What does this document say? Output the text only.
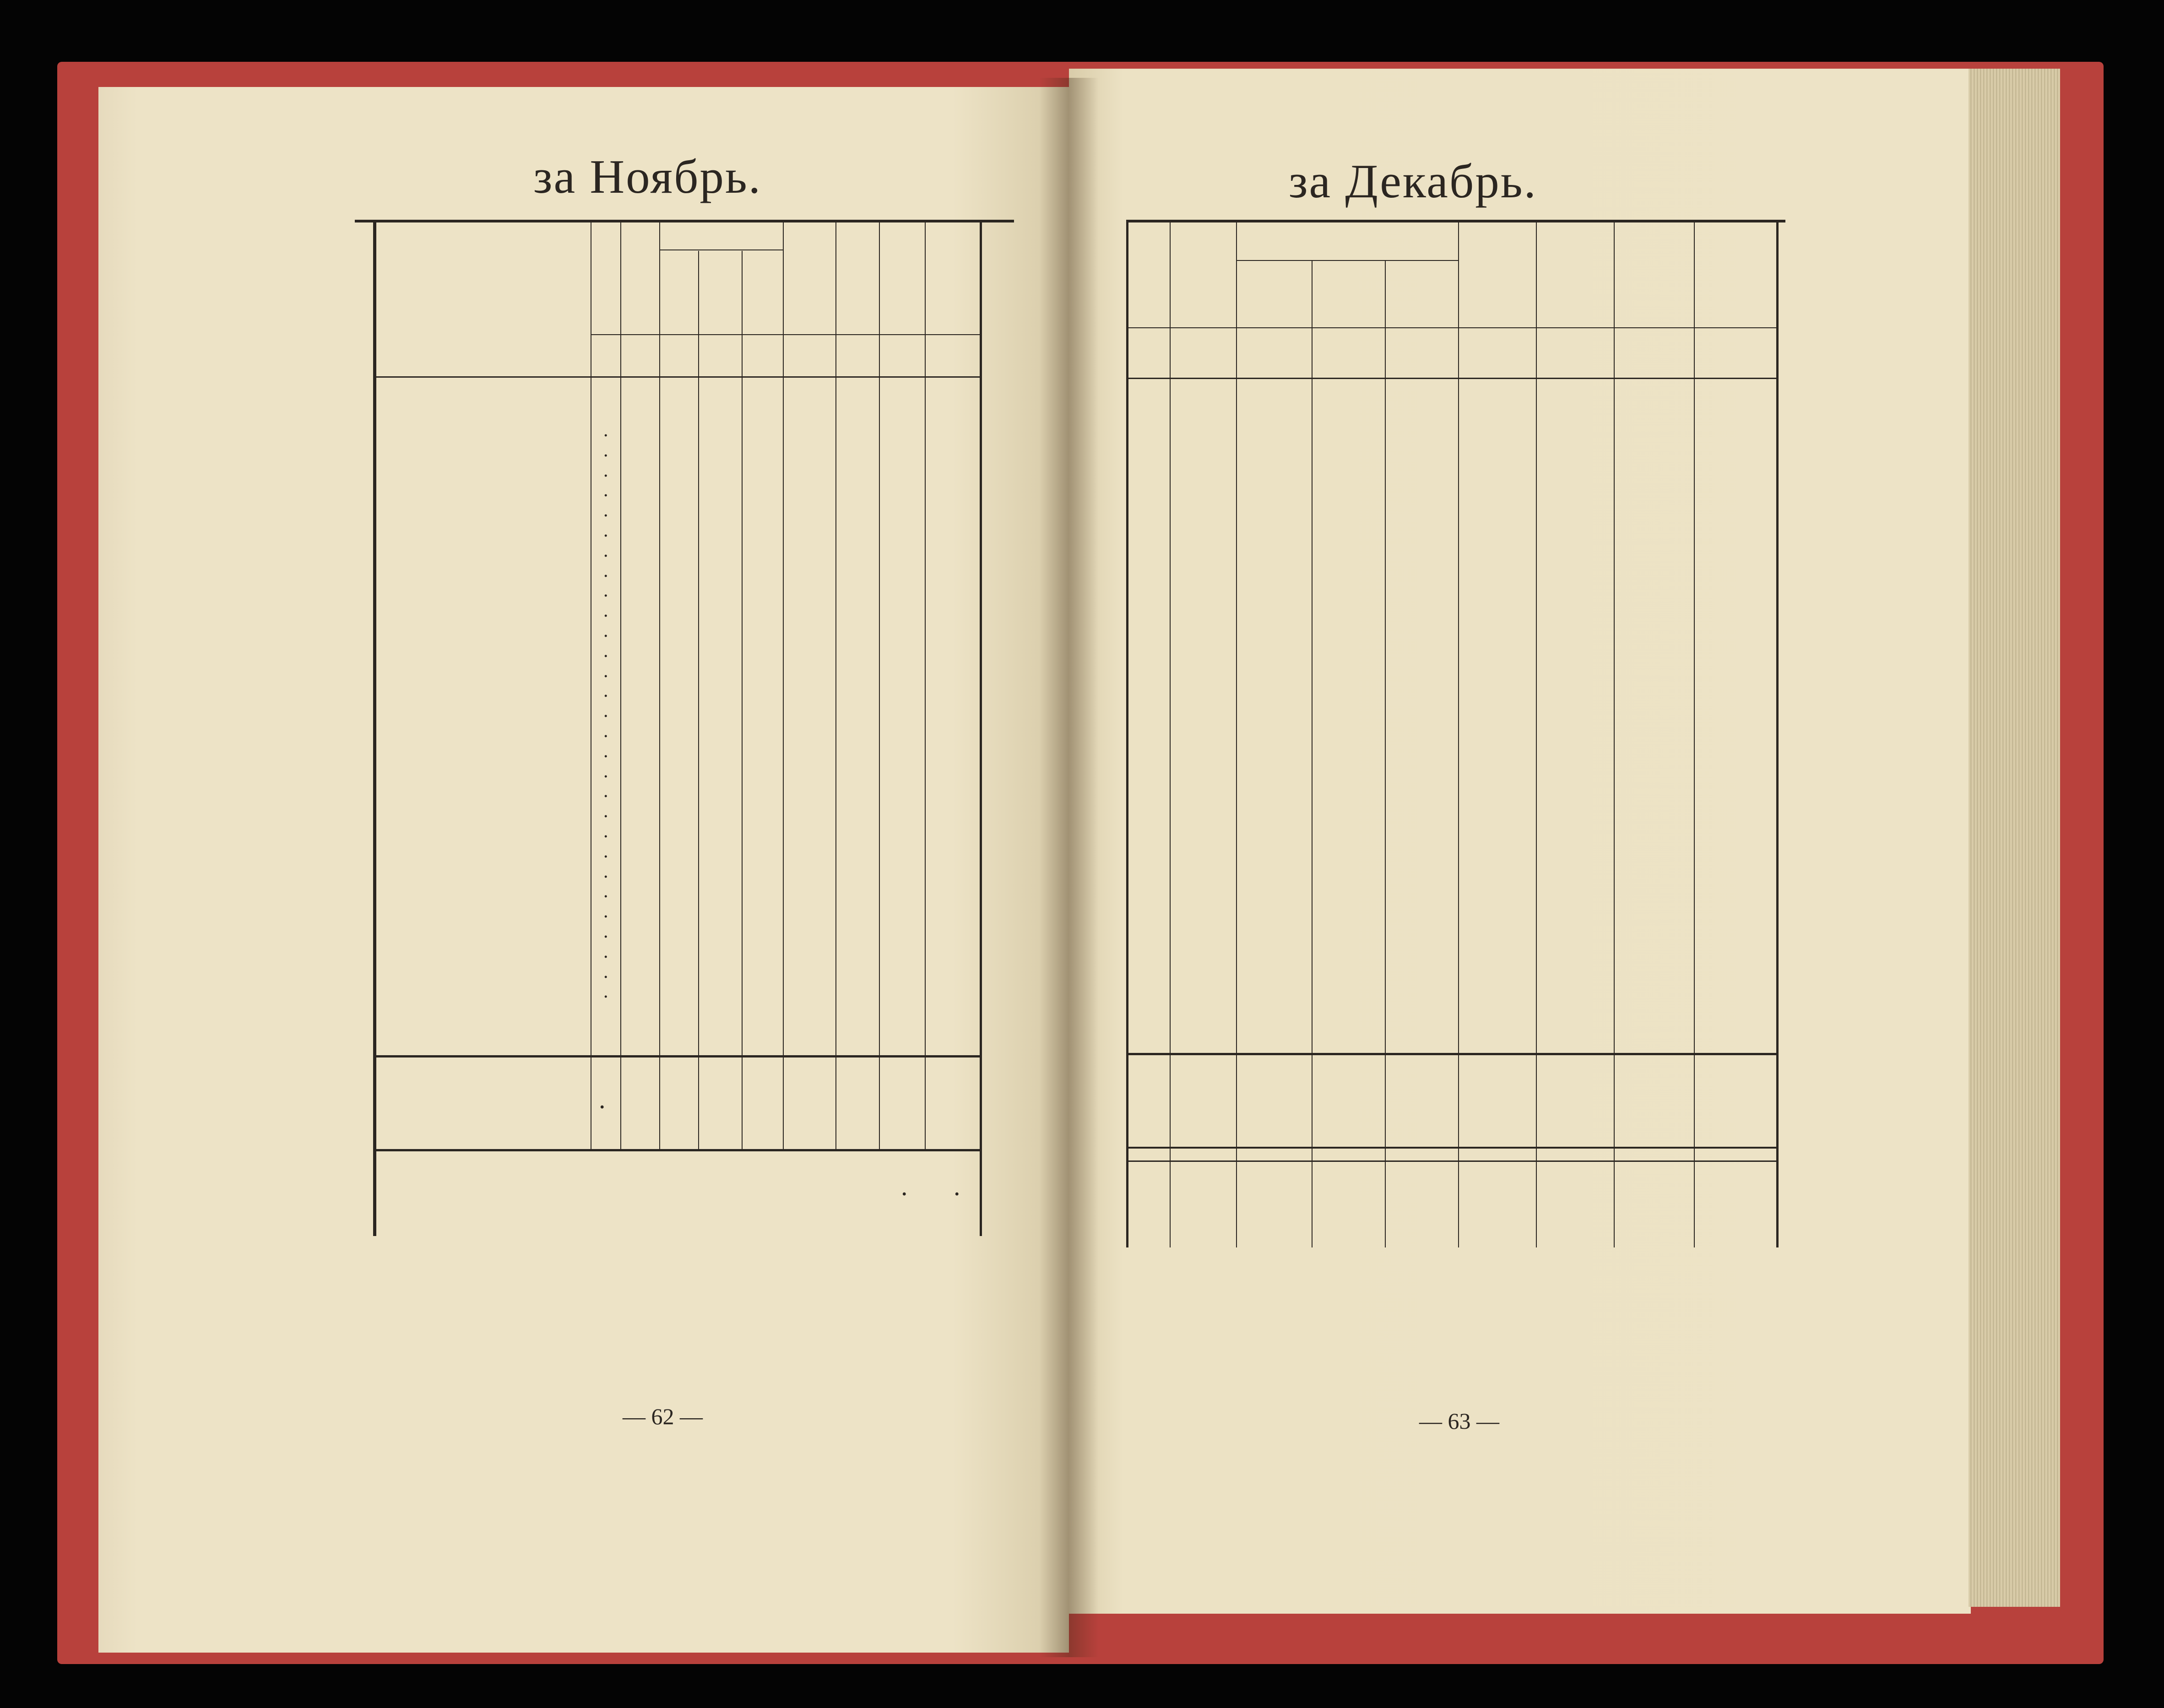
за Ноябрь.
.
.
.
.
.
.
.
.
.
.
.
.
.
.
.
.
.
.
.
.
.
.
.
.
.
.
.
.
.
.
. .
— 62 —
за Декабрь.
— 63 —
